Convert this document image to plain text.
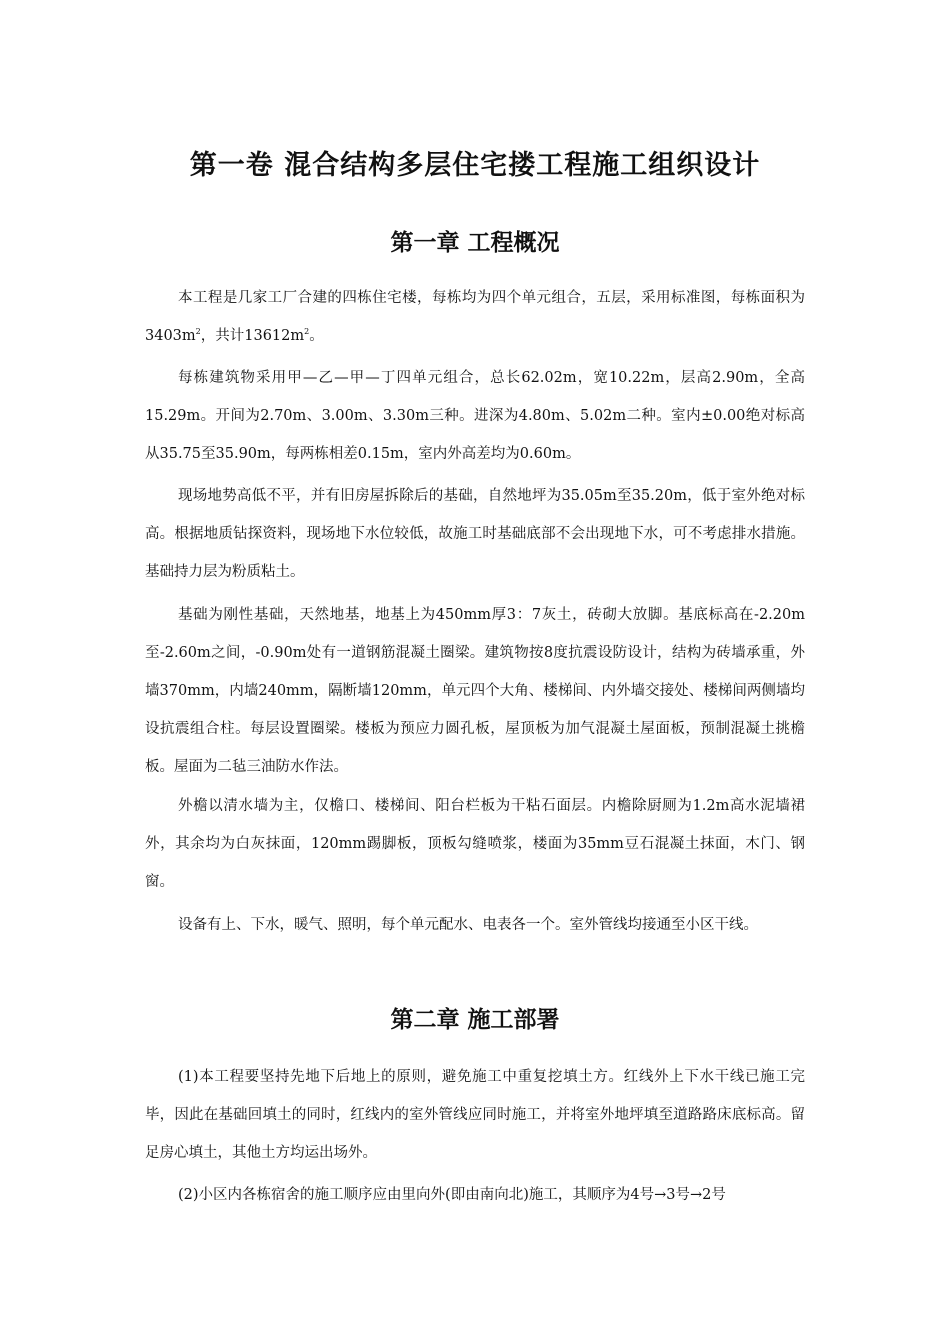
第一卷 混合结构多层住宅搂工程施工组织设计
第一章 工程概况

本工程是几家工厂合建的四栋住宅楼，每栋均为四个单元组合，五层，采用标准图，每栋面积为$3403m^2$，共计$13612m^2$。

每栋建筑物采用甲—乙—甲—丁四单元组合，总长62.02m，宽10.22m，层高2.90m，全高15.29m。开间为2.70m、3.00m、3.30m三种。进深为4.80m、5.02m二种。室内±0.00绝对标高从35.75至35.90m，每两栋相差0.15m，室内外高差均为0.60m。

现场地势高低不平，并有旧房屋拆除后的基础，自然地坪为35.05m至35.20m，低于室外绝对标高。根据地质钻探资料，现场地下水位较低，故施工时基础底部不会出现地下水，可不考虑排水措施。基础持力层为粉质粘土。

基础为刚性基础，天然地基，地基上为450mm厚3：7灰土，砖砌大放脚。基底标高在-2.20m至-2.60m之间，-0.90m处有一道钢筋混凝土圈梁。建筑物按8度抗震设防设计，结构为砖墙承重，外墙370mm，内墙240mm，隔断墙120mm，单元四个大角、楼梯间、内外墙交接处、楼梯间两侧墙均设抗震组合柱。每层设置圈梁。楼板为预应力圆孔板，屋顶板为加气混凝土屋面板，预制混凝土挑檐板。屋面为二毡三油防水作法。

外檐以清水墙为主，仅檐口、楼梯间、阳台栏板为干粘石面层。内檐除厨厕为1.2m高水泥墙裙外，其余均为白灰抹面，120mm踢脚板，顶板勾缝喷浆，楼面为35mm豆石混凝土抹面，木门、钢窗。

设备有上、下水，暖气、照明，每个单元配水、电表各一个。室外管线均接通至小区干线。

第二章 施工部署

(1)本工程要坚持先地下后地上的原则，避免施工中重复挖填土方。红线外上下水干线已施工完毕，因此在基础回填土的同时，红线内的室外管线应同时施工，并将室外地坪填至道路路床底标高。留足房心填土，其他土方均运出场外。

(2)小区内各栋宿舍的施工顺序应由里向外(即由南向北)施工，其顺序为4号→3号→2号
